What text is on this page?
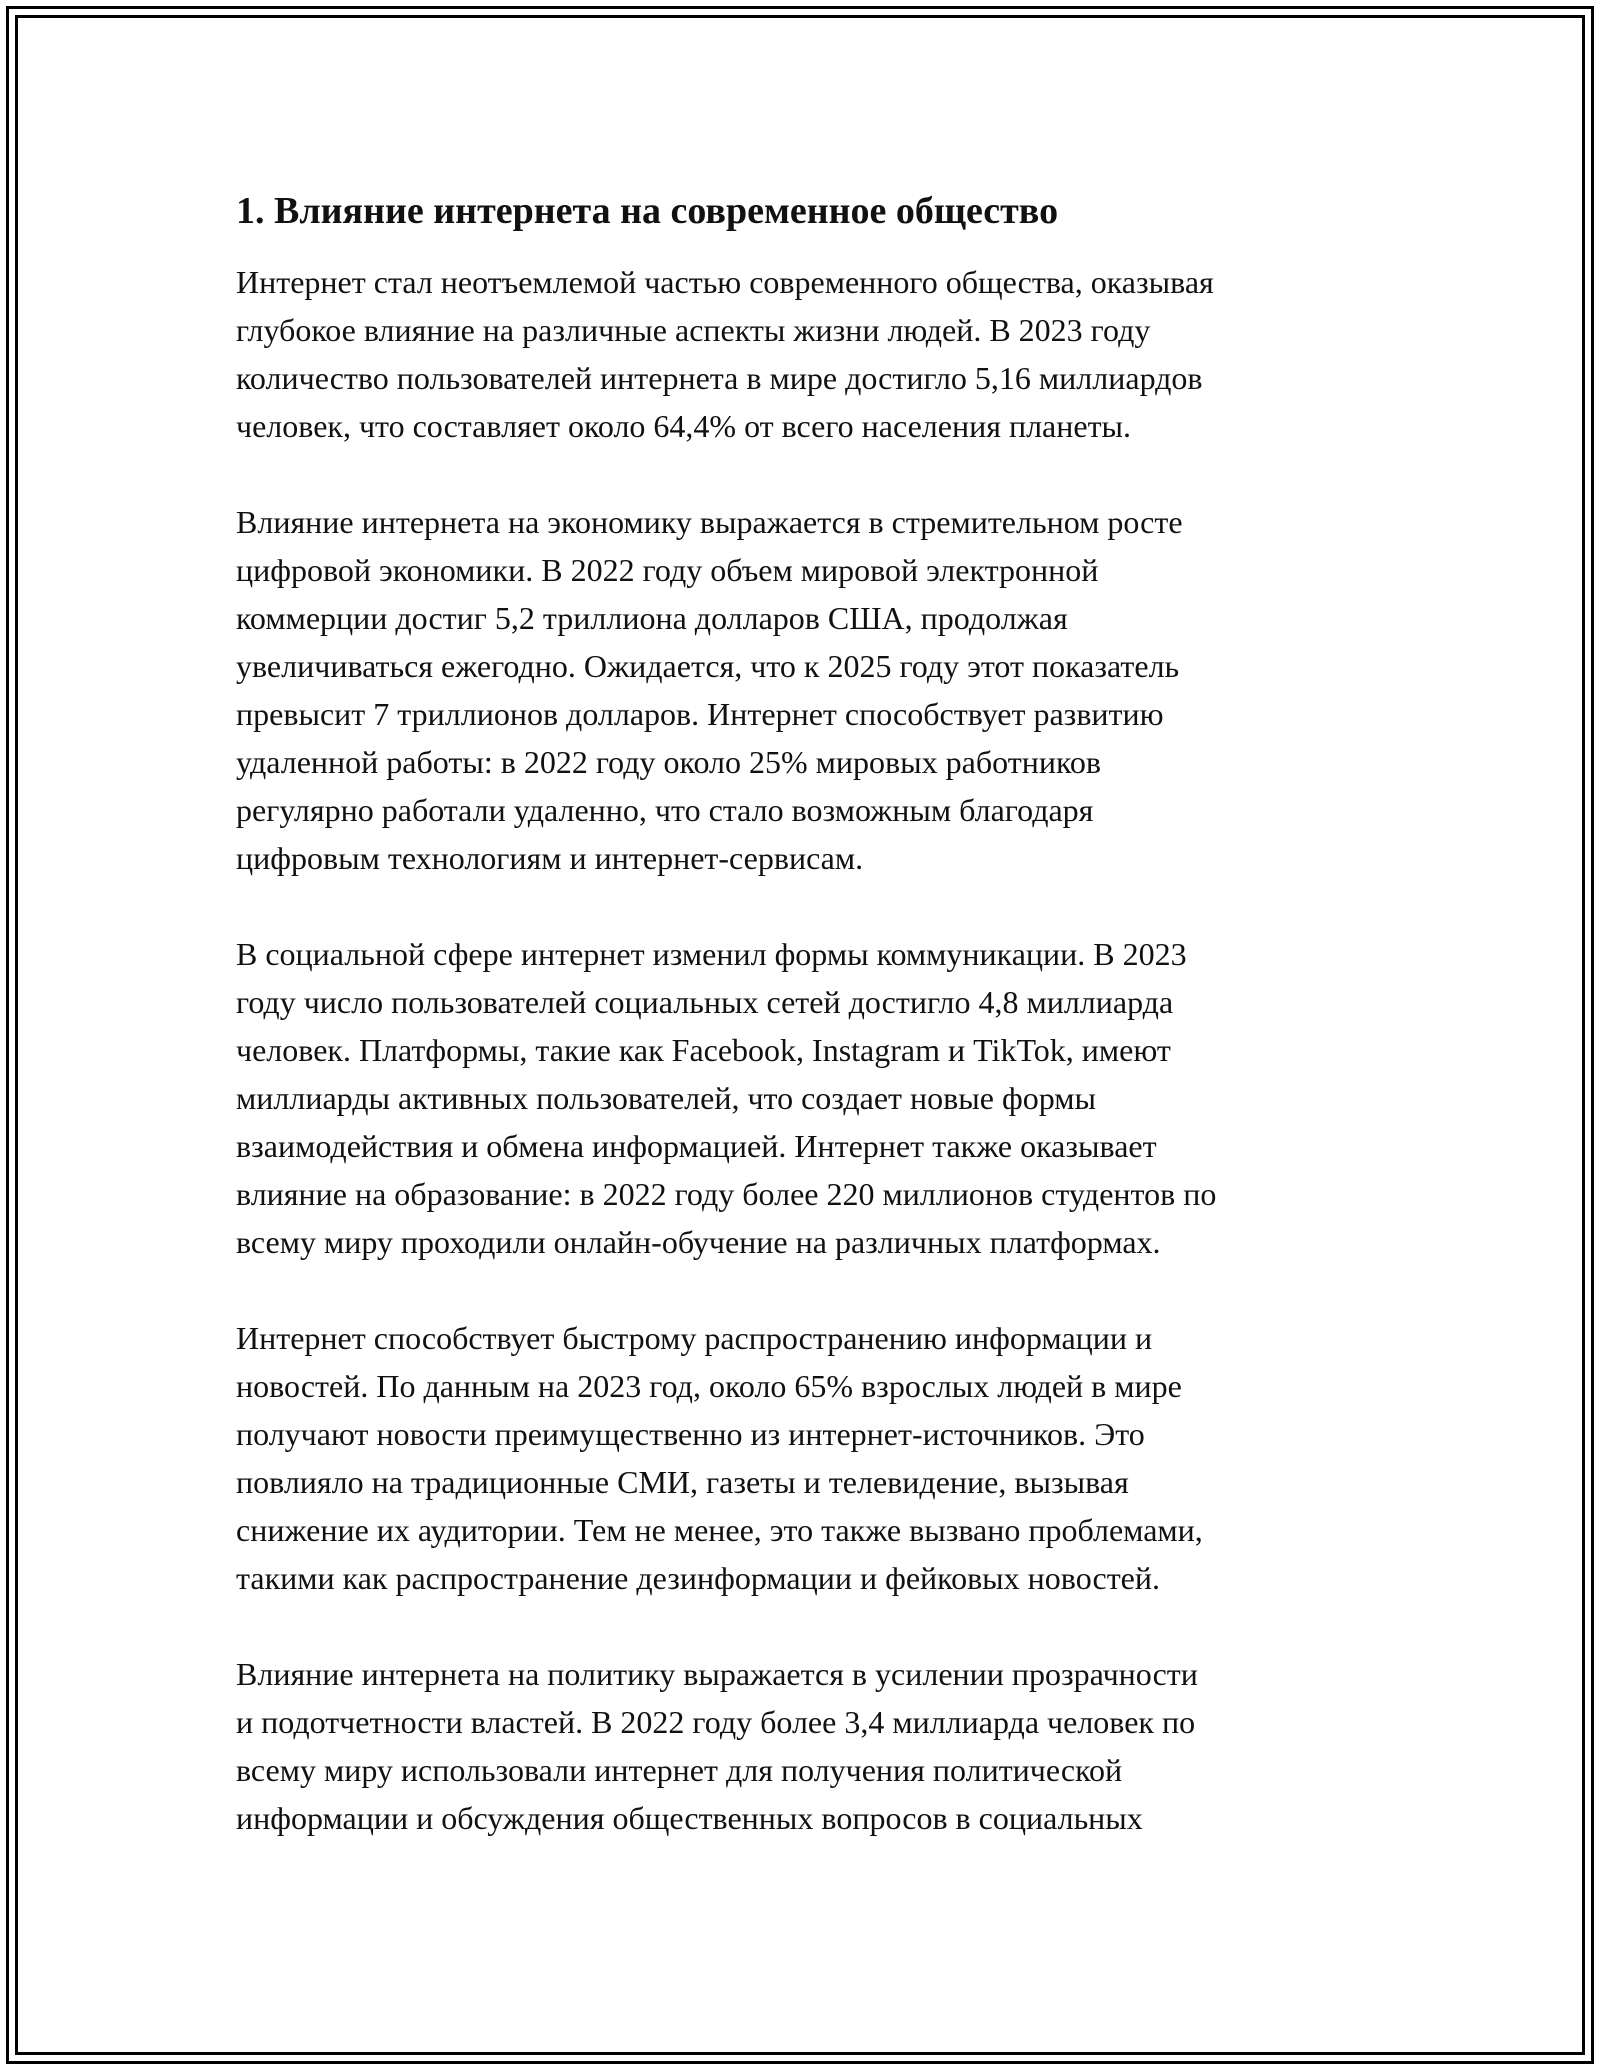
1. Влияние интернета на современное общество

Интернет стал неотъемлемой частью современного общества, оказывая
глубокое влияние на различные аспекты жизни людей. В 2023 году
количество пользователей интернета в мире достигло 5,16 миллиардов
человек, что составляет около 64,4% от всего населения планеты.

Влияние интернета на экономику выражается в стремительном росте
цифровой экономики. В 2022 году объем мировой электронной
коммерции достиг 5,2 триллиона долларов США, продолжая
увеличиваться ежегодно. Ожидается, что к 2025 году этот показатель
превысит 7 триллионов долларов. Интернет способствует развитию
удаленной работы: в 2022 году около 25% мировых работников
регулярно работали удаленно, что стало возможным благодаря
цифровым технологиям и интернет-сервисам.

В социальной сфере интернет изменил формы коммуникации. В 2023
году число пользователей социальных сетей достигло 4,8 миллиарда
человек. Платформы, такие как Facebook, Instagram и TikTok, имеют
миллиарды активных пользователей, что создает новые формы
взаимодействия и обмена информацией. Интернет также оказывает
влияние на образование: в 2022 году более 220 миллионов студентов по
всему миру проходили онлайн-обучение на различных платформах.

Интернет способствует быстрому распространению информации и
новостей. По данным на 2023 год, около 65% взрослых людей в мире
получают новости преимущественно из интернет-источников. Это
повлияло на традиционные СМИ, газеты и телевидение, вызывая
снижение их аудитории. Тем не менее, это также вызвано проблемами,
такими как распространение дезинформации и фейковых новостей.

Влияние интернета на политику выражается в усилении прозрачности
и подотчетности властей. В 2022 году более 3,4 миллиарда человек по
всему миру использовали интернет для получения политической
информации и обсуждения общественных вопросов в социальных
